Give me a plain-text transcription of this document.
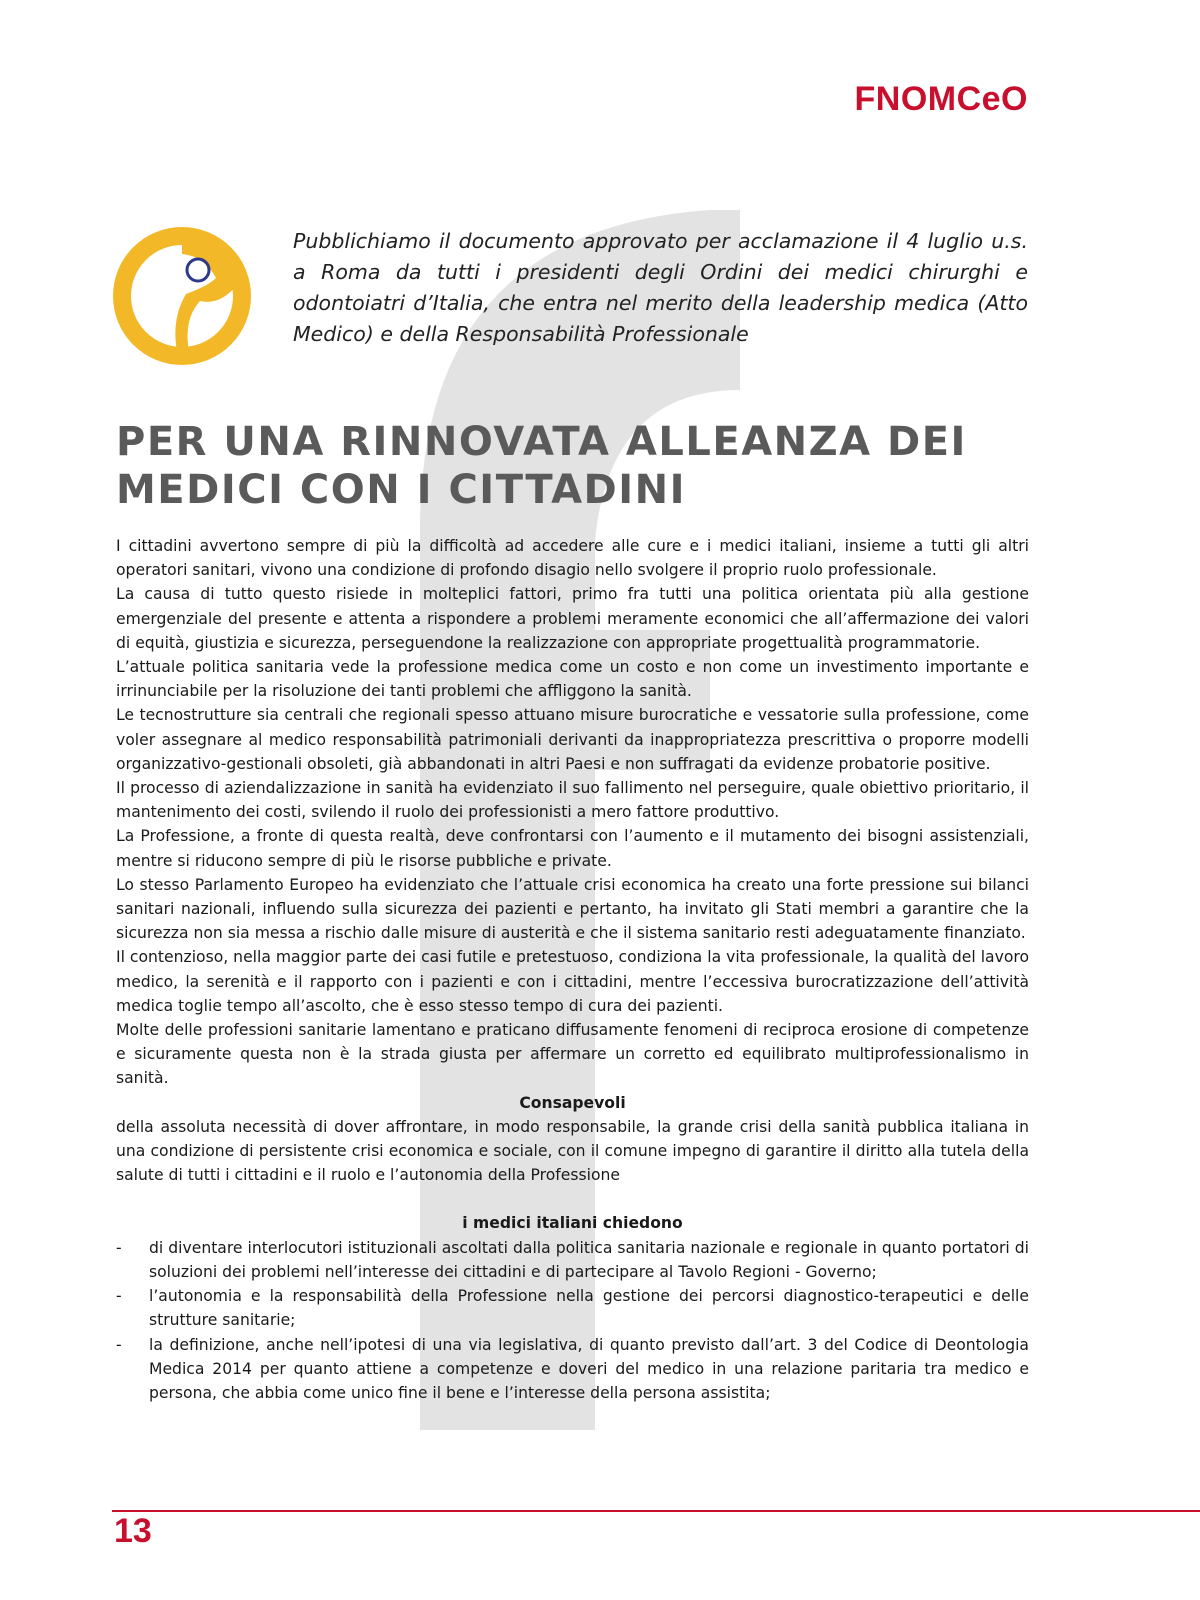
FNOMCeO

Pubblichiamo il documento approvato per acclamazione il 4 luglio u.s. a Roma da tutti i presidenti degli Ordini dei medici chirurghi e odontoiatri d’Italia, che entra nel merito della leadership medica (Atto Medico) e della Responsabilità Professionale

PER UNA RINNOVATA ALLEANZA DEI
MEDICI CON I CITTADINI

I cittadini avvertono sempre di più la difficoltà ad accedere alle cure e i medici italiani, insieme a tutti gli altri operatori sanitari, vivono una condizione di profondo disagio nello svolgere il proprio ruolo professionale.

La causa di tutto questo risiede in molteplici fattori, primo fra tutti una politica orientata più alla gestione emergenziale del presente e attenta a rispondere a problemi meramente economici che all’affermazione dei valori di equità, giustizia e sicurezza, perseguendone la realizzazione con appropriate progettualità programmatorie.

L’attuale politica sanitaria vede la professione medica come un costo e non come un investimento importante e irrinunciabile per la risoluzione dei tanti problemi che affliggono la sanità.

Le tecnostrutture sia centrali che regionali spesso attuano misure burocratiche e vessatorie sulla professione, come voler assegnare al medico responsabilità patrimoniali derivanti da inappropriatezza prescrittiva o proporre modelli organizzativo-gestionali obsoleti, già abbandonati in altri Paesi e non suffragati da evidenze probatorie positive.

Il processo di aziendalizzazione in sanità ha evidenziato il suo fallimento nel perseguire, quale obiettivo prioritario, il mantenimento dei costi, svilendo il ruolo dei professionisti a mero fattore produttivo.

La Professione, a fronte di questa realtà, deve confrontarsi con l’aumento e il mutamento dei bisogni assistenziali, mentre si riducono sempre di più le risorse pubbliche e private.

Lo stesso Parlamento Europeo ha evidenziato che l’attuale crisi economica ha creato una forte pressione sui bilanci sanitari nazionali, influendo sulla sicurezza dei pazienti e pertanto, ha invitato gli Stati membri a garantire che la sicurezza non sia messa a rischio dalle misure di austerità e che il sistema sanitario resti adeguatamente finanziato.

Il contenzioso, nella maggior parte dei casi futile e pretestuoso, condiziona la vita professionale, la qualità del lavoro medico, la serenità e il rapporto con i pazienti e con i cittadini, mentre l’eccessiva burocratizzazione dell’attività medica toglie tempo all’ascolto, che è esso stesso tempo di cura dei pazienti.

Molte delle professioni sanitarie lamentano e praticano diffusamente fenomeni di reciproca erosione di competenze e sicuramente questa non è la strada giusta per affermare un corretto ed equilibrato multiprofessionalismo in sanità.

Consapevoli

della assoluta necessità di dover affrontare, in modo responsabile, la grande crisi della sanità pubblica italiana in una condizione di persistente crisi economica e sociale, con il comune impegno di garantire il diritto alla tutela della salute di tutti i cittadini e il ruolo e l’autonomia della Professione

i medici italiani chiedono

- di diventare interlocutori istituzionali ascoltati dalla politica sanitaria nazionale e regionale in quanto portatori di soluzioni dei problemi nell’interesse dei cittadini e di partecipare al Tavolo Regioni - Governo;
- l’autonomia e la responsabilità della Professione nella gestione dei percorsi diagnostico-terapeutici e delle strutture sanitarie;
- la definizione, anche nell’ipotesi di una via legislativa, di quanto previsto dall’art. 3 del Codice di Deontologia Medica 2014 per quanto attiene a competenze e doveri del medico in una relazione paritaria tra medico e persona, che abbia come unico fine il bene e l’interesse della persona assistita;
13
